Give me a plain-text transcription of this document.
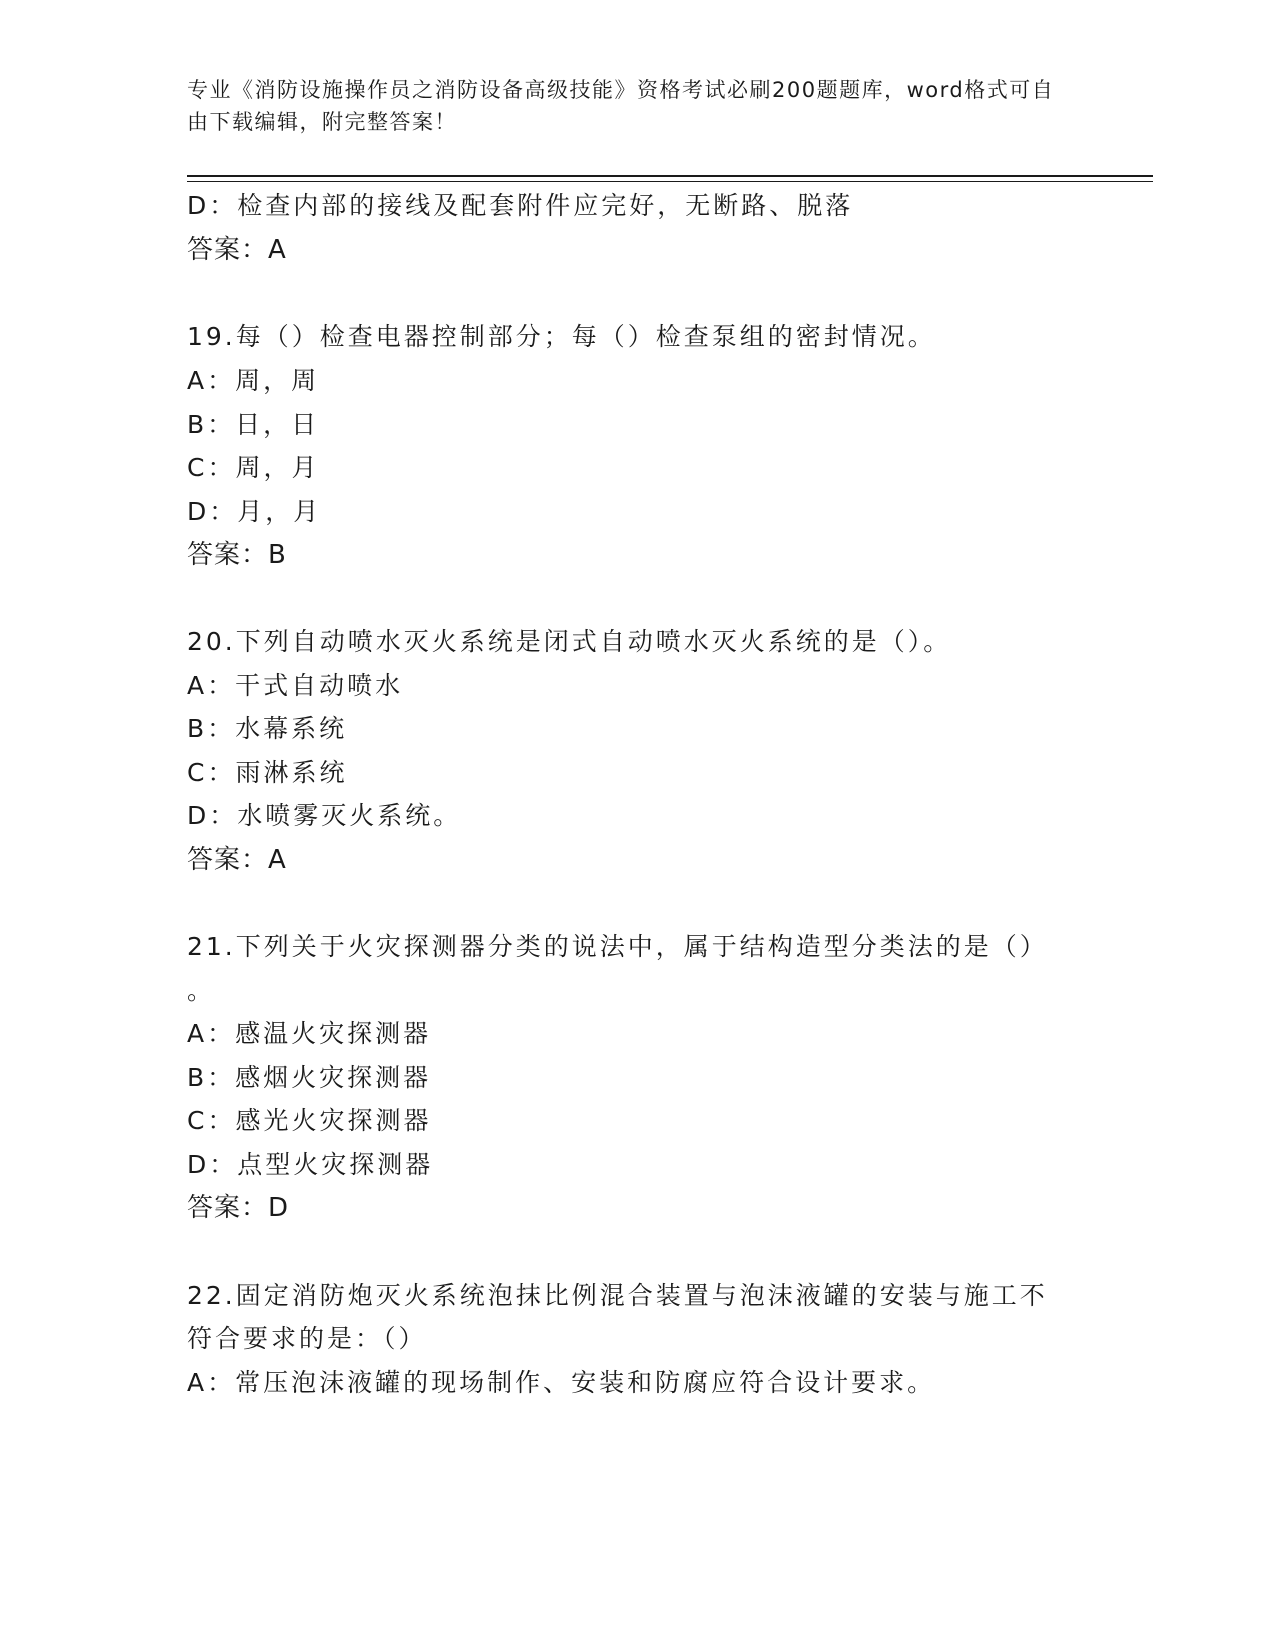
专业《消防设施操作员之消防设备高级技能》资格考试必刷200题题库，word格式可自由下载编辑，附完整答案！
D：检查内部的接线及配套附件应完好，无断路、脱落
答案：A
19.每（）检查电器控制部分；每（）检查泵组的密封情况。
A：周，周
B：日，日
C：周，月
D：月，月
答案：B
20.下列自动喷水灭火系统是闭式自动喷水灭火系统的是（）。
A：干式自动喷水
B：水幕系统
C：雨淋系统
D：水喷雾灭火系统。
答案：A
21.下列关于火灾探测器分类的说法中，属于结构造型分类法的是（）
。
A：感温火灾探测器
B：感烟火灾探测器
C：感光火灾探测器
D：点型火灾探测器
答案：D
22.固定消防炮灭火系统泡抹比例混合装置与泡沫液罐的安装与施工不
符合要求的是：（）
A：常压泡沫液罐的现场制作、安装和防腐应符合设计要求。
